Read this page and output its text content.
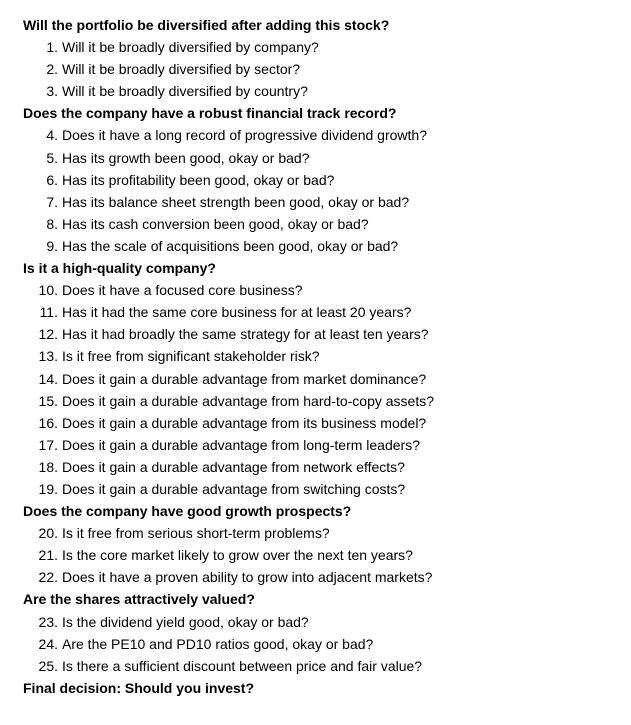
Will the portfolio be diversified after adding this stock?
1. Will it be broadly diversified by company?
2. Will it be broadly diversified by sector?
3. Will it be broadly diversified by country?
Does the company have a robust financial track record?
4. Does it have a long record of progressive dividend growth?
5. Has its growth been good, okay or bad?
6. Has its profitability been good, okay or bad?
7. Has its balance sheet strength been good, okay or bad?
8. Has its cash conversion been good, okay or bad?
9. Has the scale of acquisitions been good, okay or bad?
Is it a high-quality company?
10. Does it have a focused core business?
11. Has it had the same core business for at least 20 years?
12. Has it had broadly the same strategy for at least ten years?
13. Is it free from significant stakeholder risk?
14. Does it gain a durable advantage from market dominance?
15. Does it gain a durable advantage from hard-to-copy assets?
16. Does it gain a durable advantage from its business model?
17. Does it gain a durable advantage from long-term leaders?
18. Does it gain a durable advantage from network effects?
19. Does it gain a durable advantage from switching costs?
Does the company have good growth prospects?
20. Is it free from serious short-term problems?
21. Is the core market likely to grow over the next ten years?
22. Does it have a proven ability to grow into adjacent markets?
Are the shares attractively valued?
23. Is the dividend yield good, okay or bad?
24. Are the PE10 and PD10 ratios good, okay or bad?
25. Is there a sufficient discount between price and fair value?
Final decision: Should you invest?
